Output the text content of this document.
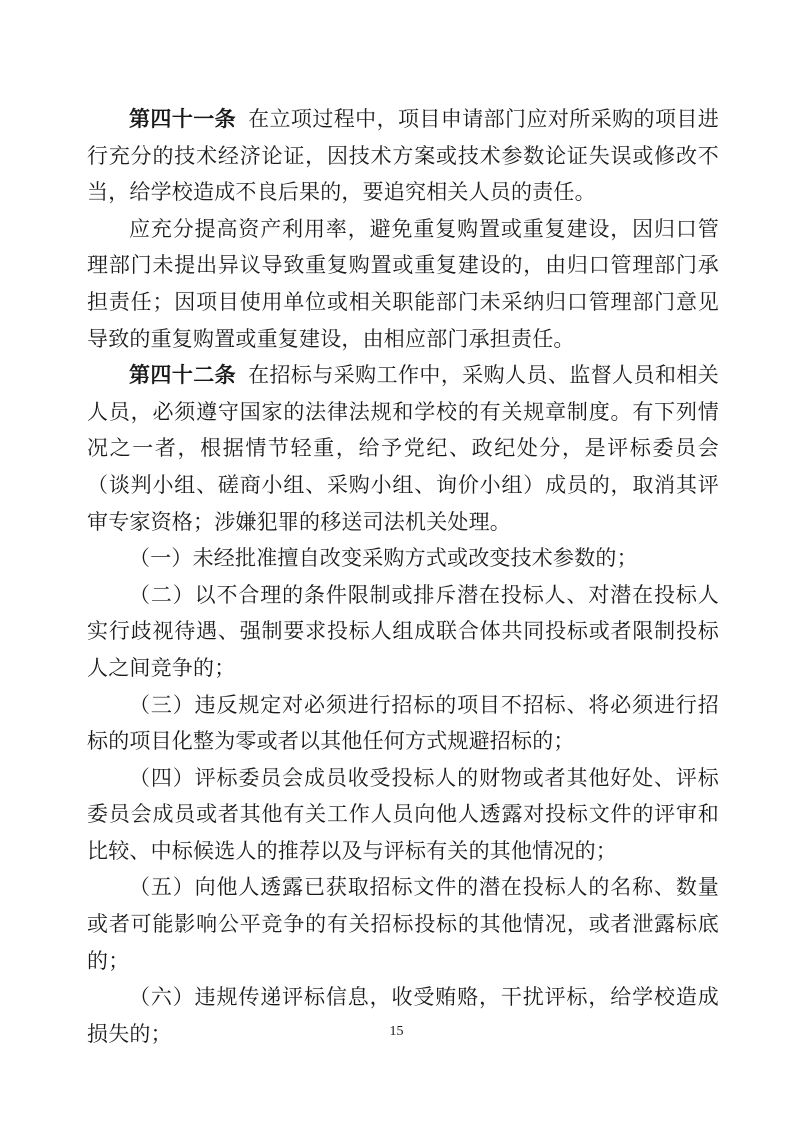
第四十一条 在立项过程中，项目申请部门应对所采购的项目进行充分的技术经济论证，因技术方案或技术参数论证失误或修改不当，给学校造成不良后果的，要追究相关人员的责任。

应充分提高资产利用率，避免重复购置或重复建设，因归口管理部门未提出异议导致重复购置或重复建设的，由归口管理部门承担责任；因项目使用单位或相关职能部门未采纳归口管理部门意见导致的重复购置或重复建设，由相应部门承担责任。

第四十二条 在招标与采购工作中，采购人员、监督人员和相关人员，必须遵守国家的法律法规和学校的有关规章制度。有下列情况之一者，根据情节轻重，给予党纪、政纪处分，是评标委员会（谈判小组、磋商小组、采购小组、询价小组）成员的，取消其评审专家资格；涉嫌犯罪的移送司法机关处理。

（一）未经批准擅自改变采购方式或改变技术参数的；

（二）以不合理的条件限制或排斥潜在投标人、对潜在投标人实行歧视待遇、强制要求投标人组成联合体共同投标或者限制投标人之间竞争的；

（三）违反规定对必须进行招标的项目不招标、将必须进行招标的项目化整为零或者以其他任何方式规避招标的；

（四）评标委员会成员收受投标人的财物或者其他好处、评标委员会成员或者其他有关工作人员向他人透露对投标文件的评审和比较、中标候选人的推荐以及与评标有关的其他情况的；

（五）向他人透露已获取招标文件的潜在投标人的名称、数量或者可能影响公平竞争的有关招标投标的其他情况，或者泄露标底的；

（六）违规传递评标信息，收受贿赂，干扰评标，给学校造成损失的；	15
